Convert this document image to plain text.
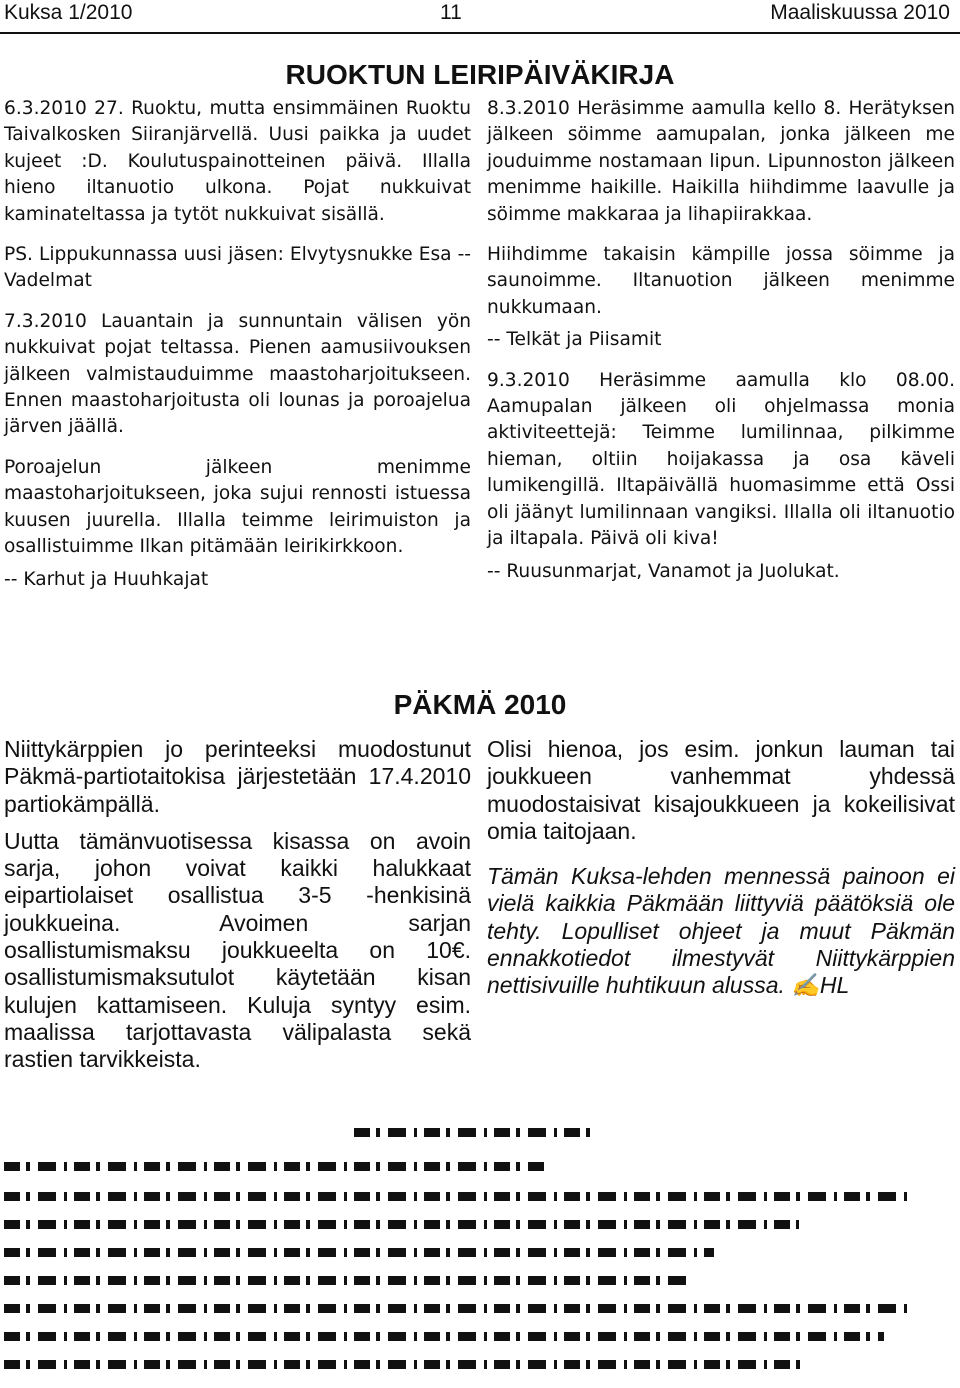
Kuksa 1/2010	11	Maaliskuussa 2010
RUOKTUN LEIRIPÄIVÄKIRJA

6.3.2010 27. Ruoktu, mutta ensimmäinen Ruoktu Taivalkosken Siiranjärvellä. Uusi paikka ja uudet kujeet :D. Koulutuspainotteinen päivä. Illalla hieno iltanuotio ulkona. Pojat nukkuivat kaminateltassa ja tytöt nukkuivat sisällä.

PS. Lippukunnassa uusi jäsen: Elvytysnukke Esa -- Vadelmat

7.3.2010 Lauantain ja sunnuntain välisen yön nukkuivat pojat teltassa. Pienen aamusiivouksen jälkeen valmistauduimme maastoharjoitukseen. Ennen maastoharjoitusta oli lounas ja poroajelua järven jäällä.

Poroajelun jälkeen menimme maastoharjoitukseen, joka sujui rennosti istuessa kuusen juurella. Illalla teimme leirimuiston ja osallistuimme Ilkan pitämään leirikirkkoon.

-- Karhut ja Huuhkajat

8.3.2010 Heräsimme aamulla kello 8. Herätyksen jälkeen söimme aamupalan, jonka jälkeen me jouduimme nostamaan lipun. Lipunnoston jälkeen menimme haikille. Haikilla hiihdimme laavulle ja söimme makkaraa ja lihapiirakkaa.

Hiihdimme takaisin kämpille jossa söimme ja saunoimme. Iltanuotion jälkeen menimme nukkumaan.

-- Telkät ja Piisamit

9.3.2010 Heräsimme aamulla klo 08.00. Aamupalan jälkeen oli ohjelmassa monia aktiviteettejä: Teimme lumilinnaa, pilkimme hieman, oltiin hoijakassa ja osa käveli lumikengillä. Iltapäivällä huomasimme että Ossi oli jäänyt lumilinnaan vangiksi. Illalla oli iltanuotio ja iltapala. Päivä oli kiva!

-- Ruusunmarjat, Vanamot ja Juolukat.

PÄKMÄ 2010

Niittykärppien jo perinteeksi muodostunut Päkmä-partiotaitokisa järjestetään 17.4.2010 partiokämpällä.

Uutta tämänvuotisessa kisassa on avoin sarja, johon voivat kaikki halukkaat eipartiolaiset osallistua 3-5 -henkisinä joukkueina. Avoimen sarjan osallistumismaksu joukkueelta on 10€. osallistumismaksutulot käytetään kisan kulujen kattamiseen. Kuluja syntyy esim. maalissa tarjottavasta välipalasta sekä rastien tarvikkeista.

Olisi hienoa, jos esim. jonkun lauman tai joukkueen vanhemmat yhdessä muodostaisivat kisajoukkueen ja kokeilisivat omia taitojaan.

Tämän Kuksa-lehden mennessä painoon ei vielä kaikkia Päkmään liittyviä päätöksiä ole tehty. Lopulliset ohjeet ja muut Päkmän ennakkotiedot ilmestyvät Niittykärppien nettisivuille huhtikuun alussa. ✍HL
